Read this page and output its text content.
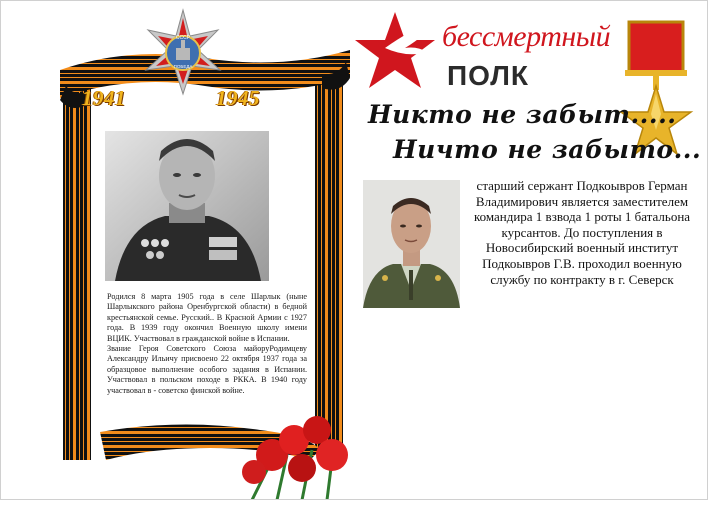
СССР
ПОБЕДА
1941	1945

Родился 8 марта 1905 года в селе Шарлык (ныне Шарлыкского района Оренбургской области) в бедной крестьянской семье. Русский.. В Красной Армии с 1927 года. В 1939 году окончил Военную школу имени ВЦИК. Участвовал в гражданской войне в Испании.

Звание Героя Советского Союза майоруРодимцеву Александру Ильичу присвоено 22 октября 1937 года за образцовое выполнение особого задания в Испании. Участвовал в польском походе в РККА. В 1940 году участвовал в - советско финской войне.

бессмертный
ПОЛК
Никто не забыт.....
Ничто не забыто...
старший сержант Подкоывров Герман Владимирович является заместителем командира 1 взвода 1 роты 1 батальона курсантов. До поступления в Новосибирский военный институт Подкоывров Г.В. проходил военную службу по контракту в г. Северск
